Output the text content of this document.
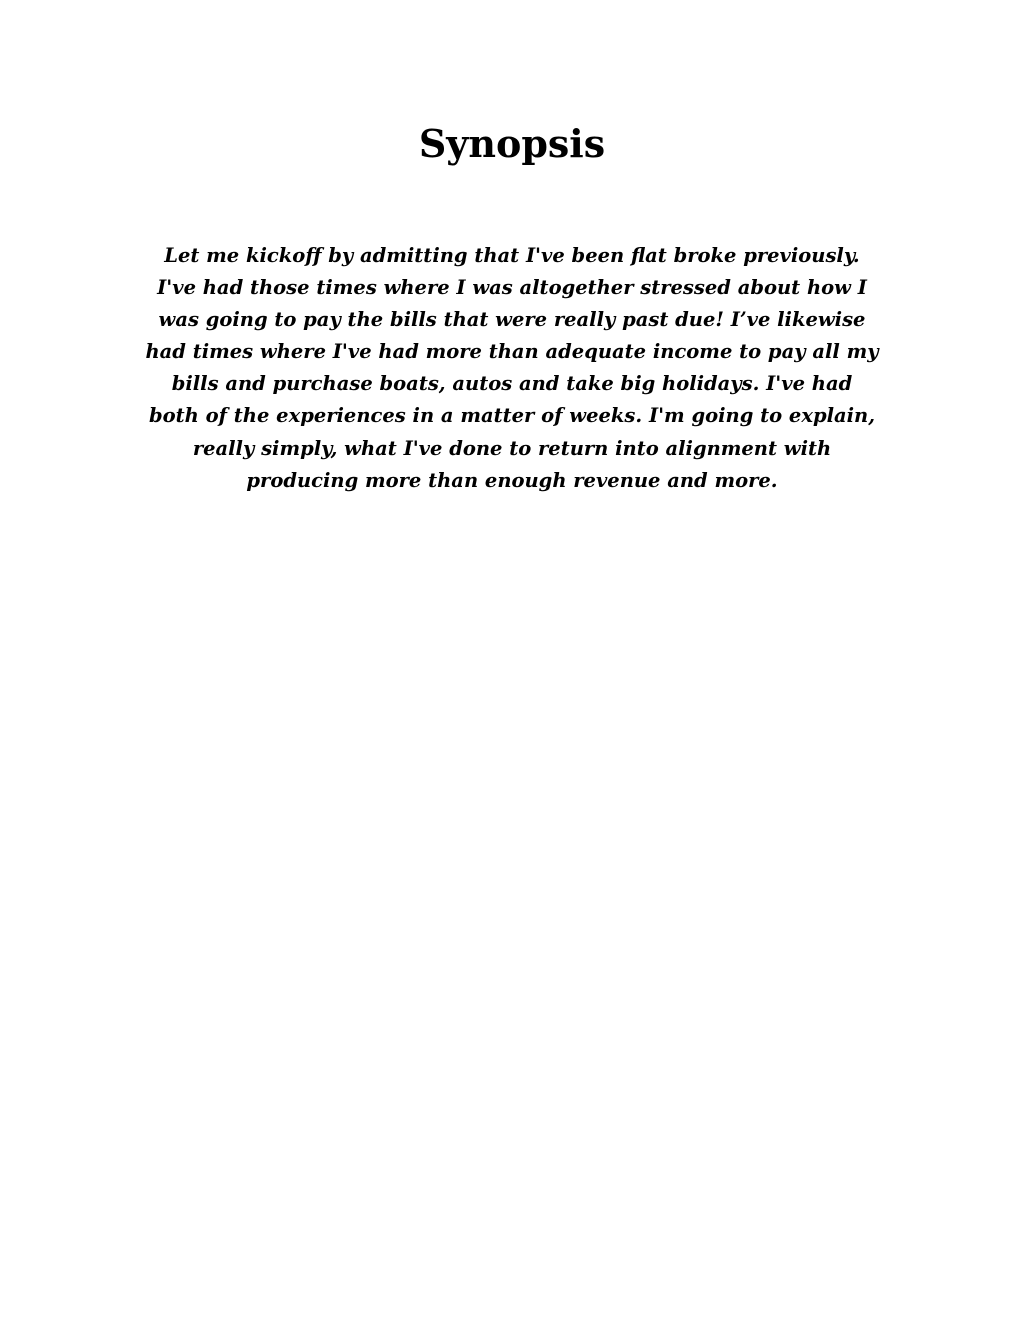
Synopsis

Let me kickoff by admitting that I've been flat broke previously. I've had those times where I was altogether stressed about how I was going to pay the bills that were really past due! I’ve likewise had times where I've had more than adequate income to pay all my bills and purchase boats, autos and take big holidays. I've had both of the experiences in a matter of weeks. I'm going to explain, really simply, what I've done to return into alignment with producing more than enough revenue and more.
